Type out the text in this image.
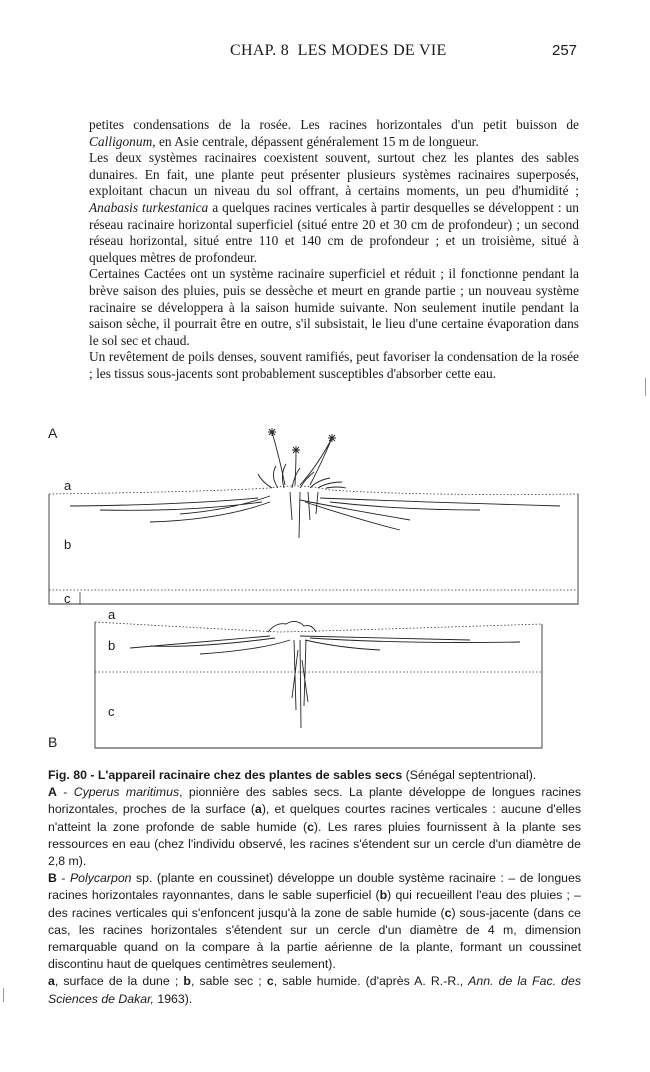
CHAP. 8 LES MODES DE VIE	257

petites condensations de la rosée. Les racines horizontales d'un petit buisson de Calligonum, en Asie centrale, dépassent généralement 15 m de longueur.

Les deux systèmes racinaires coexistent souvent, surtout chez les plantes des sables dunaires. En fait, une plante peut présenter plusieurs systèmes racinaires superposés, exploitant chacun un niveau du sol offrant, à certains moments, un peu d'humidité ; Anabasis turkestanica a quelques racines verticales à partir desquelles se développent : un réseau racinaire horizontal superficiel (situé entre 20 et 30 cm de profondeur) ; un second réseau horizontal, situé entre 110 et 140 cm de profondeur ; et un troisième, situé à quelques mètres de profondeur.

Certaines Cactées ont un système racinaire superficiel et réduit ; il fonctionne pendant la brève saison des pluies, puis se dessèche et meurt en grande partie ; un nouveau système racinaire se développera à la saison humide suivante. Non seulement inutile pendant la saison sèche, il pourrait être en outre, s'il subsistait, le lieu d'une certaine évaporation dans le sol sec et chaud.

Un revêtement de poils denses, souvent ramifiés, peut favoriser la condensation de la rosée ; les tissus sous-jacents sont probablement susceptibles d'absorber cette eau.

A
a
b
c
a
b
c
B

Fig. 80 - L'appareil racinaire chez des plantes de sables secs (Sénégal septentrional).

A - Cyperus maritimus, pionnière des sables secs. La plante développe de longues racines horizontales, proches de la surface (a), et quelques courtes racines verticales : aucune d'elles n'atteint la zone profonde de sable humide (c). Les rares pluies fournissent à la plante ses ressources en eau (chez l'individu observé, les racines s'étendent sur un cercle d'un diamètre de 2,8 m).

B - Polycarpon sp. (plante en coussinet) développe un double système racinaire : – de longues racines horizontales rayonnantes, dans le sable superficiel (b) qui recueillent l'eau des pluies ; – des racines verticales qui s'enfoncent jusqu'à la zone de sable humide (c) sous-jacente (dans ce cas, les racines horizontales s'étendent sur un cercle d'un diamètre de 4 m, dimension remarquable quand on la compare à la partie aérienne de la plante, formant un coussinet discontinu haut de quelques centimètres seulement).

a, surface de la dune ; b, sable sec ; c, sable humide. (d'après A. R.-R., Ann. de la Fac. des Sciences de Dakar, 1963).
